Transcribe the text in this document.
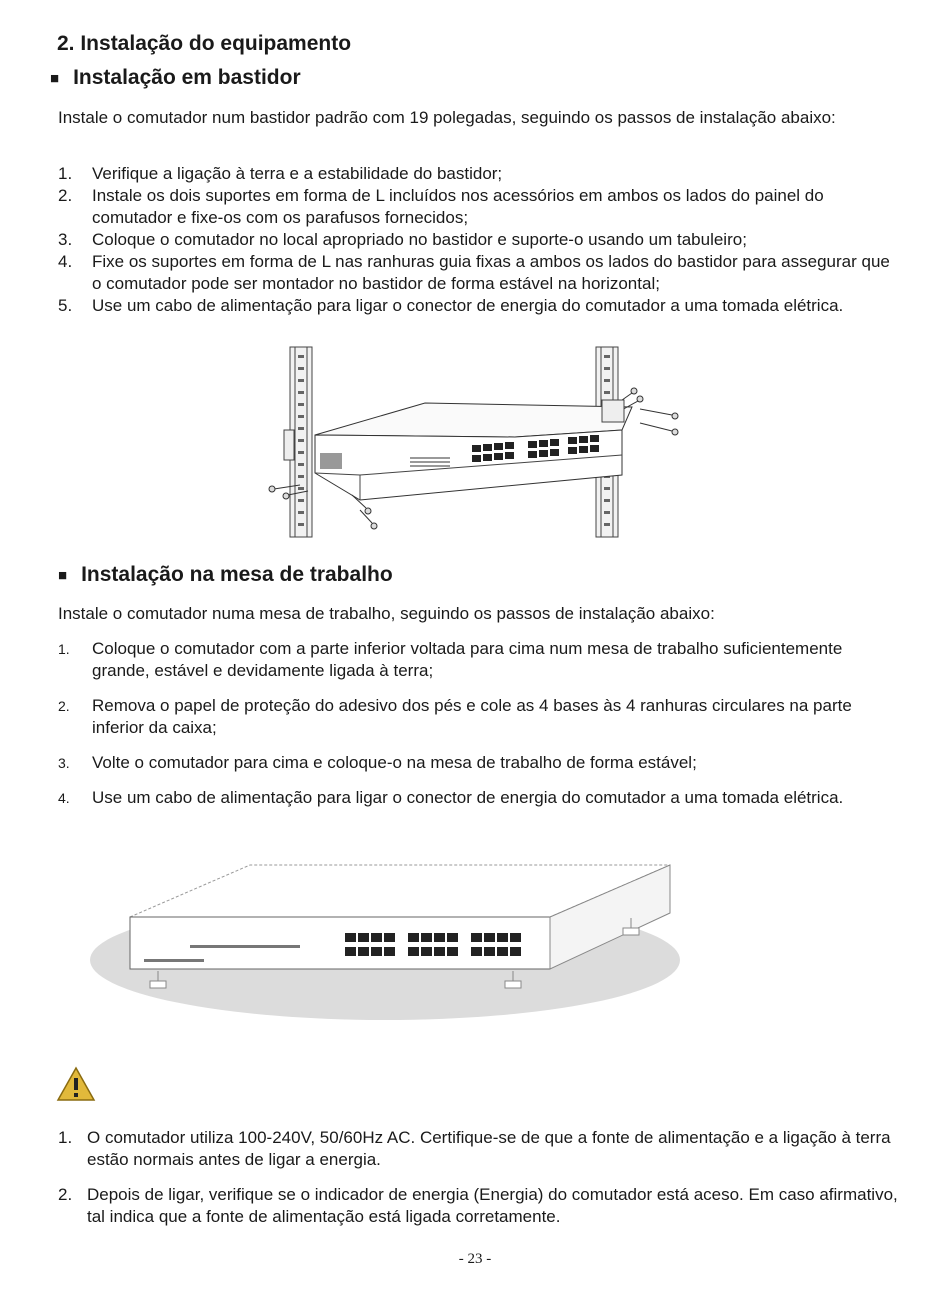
2. Instalação do equipamento
■ Instalação em bastidor

Instale o comutador num bastidor padrão com 19 polegadas, seguindo os passos de instalação abaixo:

1. Verifique a ligação à terra e a estabilidade do bastidor;
2. Instale os dois suportes em forma de L incluídos nos acessórios em ambos os lados do painel do comutador e fixe-os com os parafusos fornecidos;
3. Coloque o comutador no local apropriado no bastidor e suporte-o usando um tabuleiro;
4. Fixe os suportes em forma de L nas ranhuras guia fixas a ambos os lados do bastidor para assegurar que o comutador pode ser montador no bastidor de forma estável na horizontal;
5. Use um cabo de alimentação para ligar o conector de energia do comutador a uma tomada elétrica.
■ Instalação na mesa de trabalho

Instale o comutador numa mesa de trabalho, seguindo os passos de instalação abaixo:

1. Coloque o comutador com a parte inferior voltada para cima num mesa de trabalho suficientemente grande, estável e devidamente ligada à terra;
2. Remova o papel de proteção do adesivo dos pés e cole as 4 bases às 4 ranhuras circulares na parte inferior da caixa;
3. Volte o comutador para cima e coloque-o na mesa de trabalho de forma estável;
4. Use um cabo de alimentação para ligar o conector de energia do comutador a uma tomada elétrica.
1. O comutador utiliza 100-240V, 50/60Hz AC. Certifique-se de que a fonte de alimentação e a ligação à terra estão normais antes de ligar a energia.
2. Depois de ligar, verifique se o indicador de energia (Energia) do comutador está aceso. Em caso afirmativo, tal indica que a fonte de alimentação está ligada corretamente.
- 23 -
